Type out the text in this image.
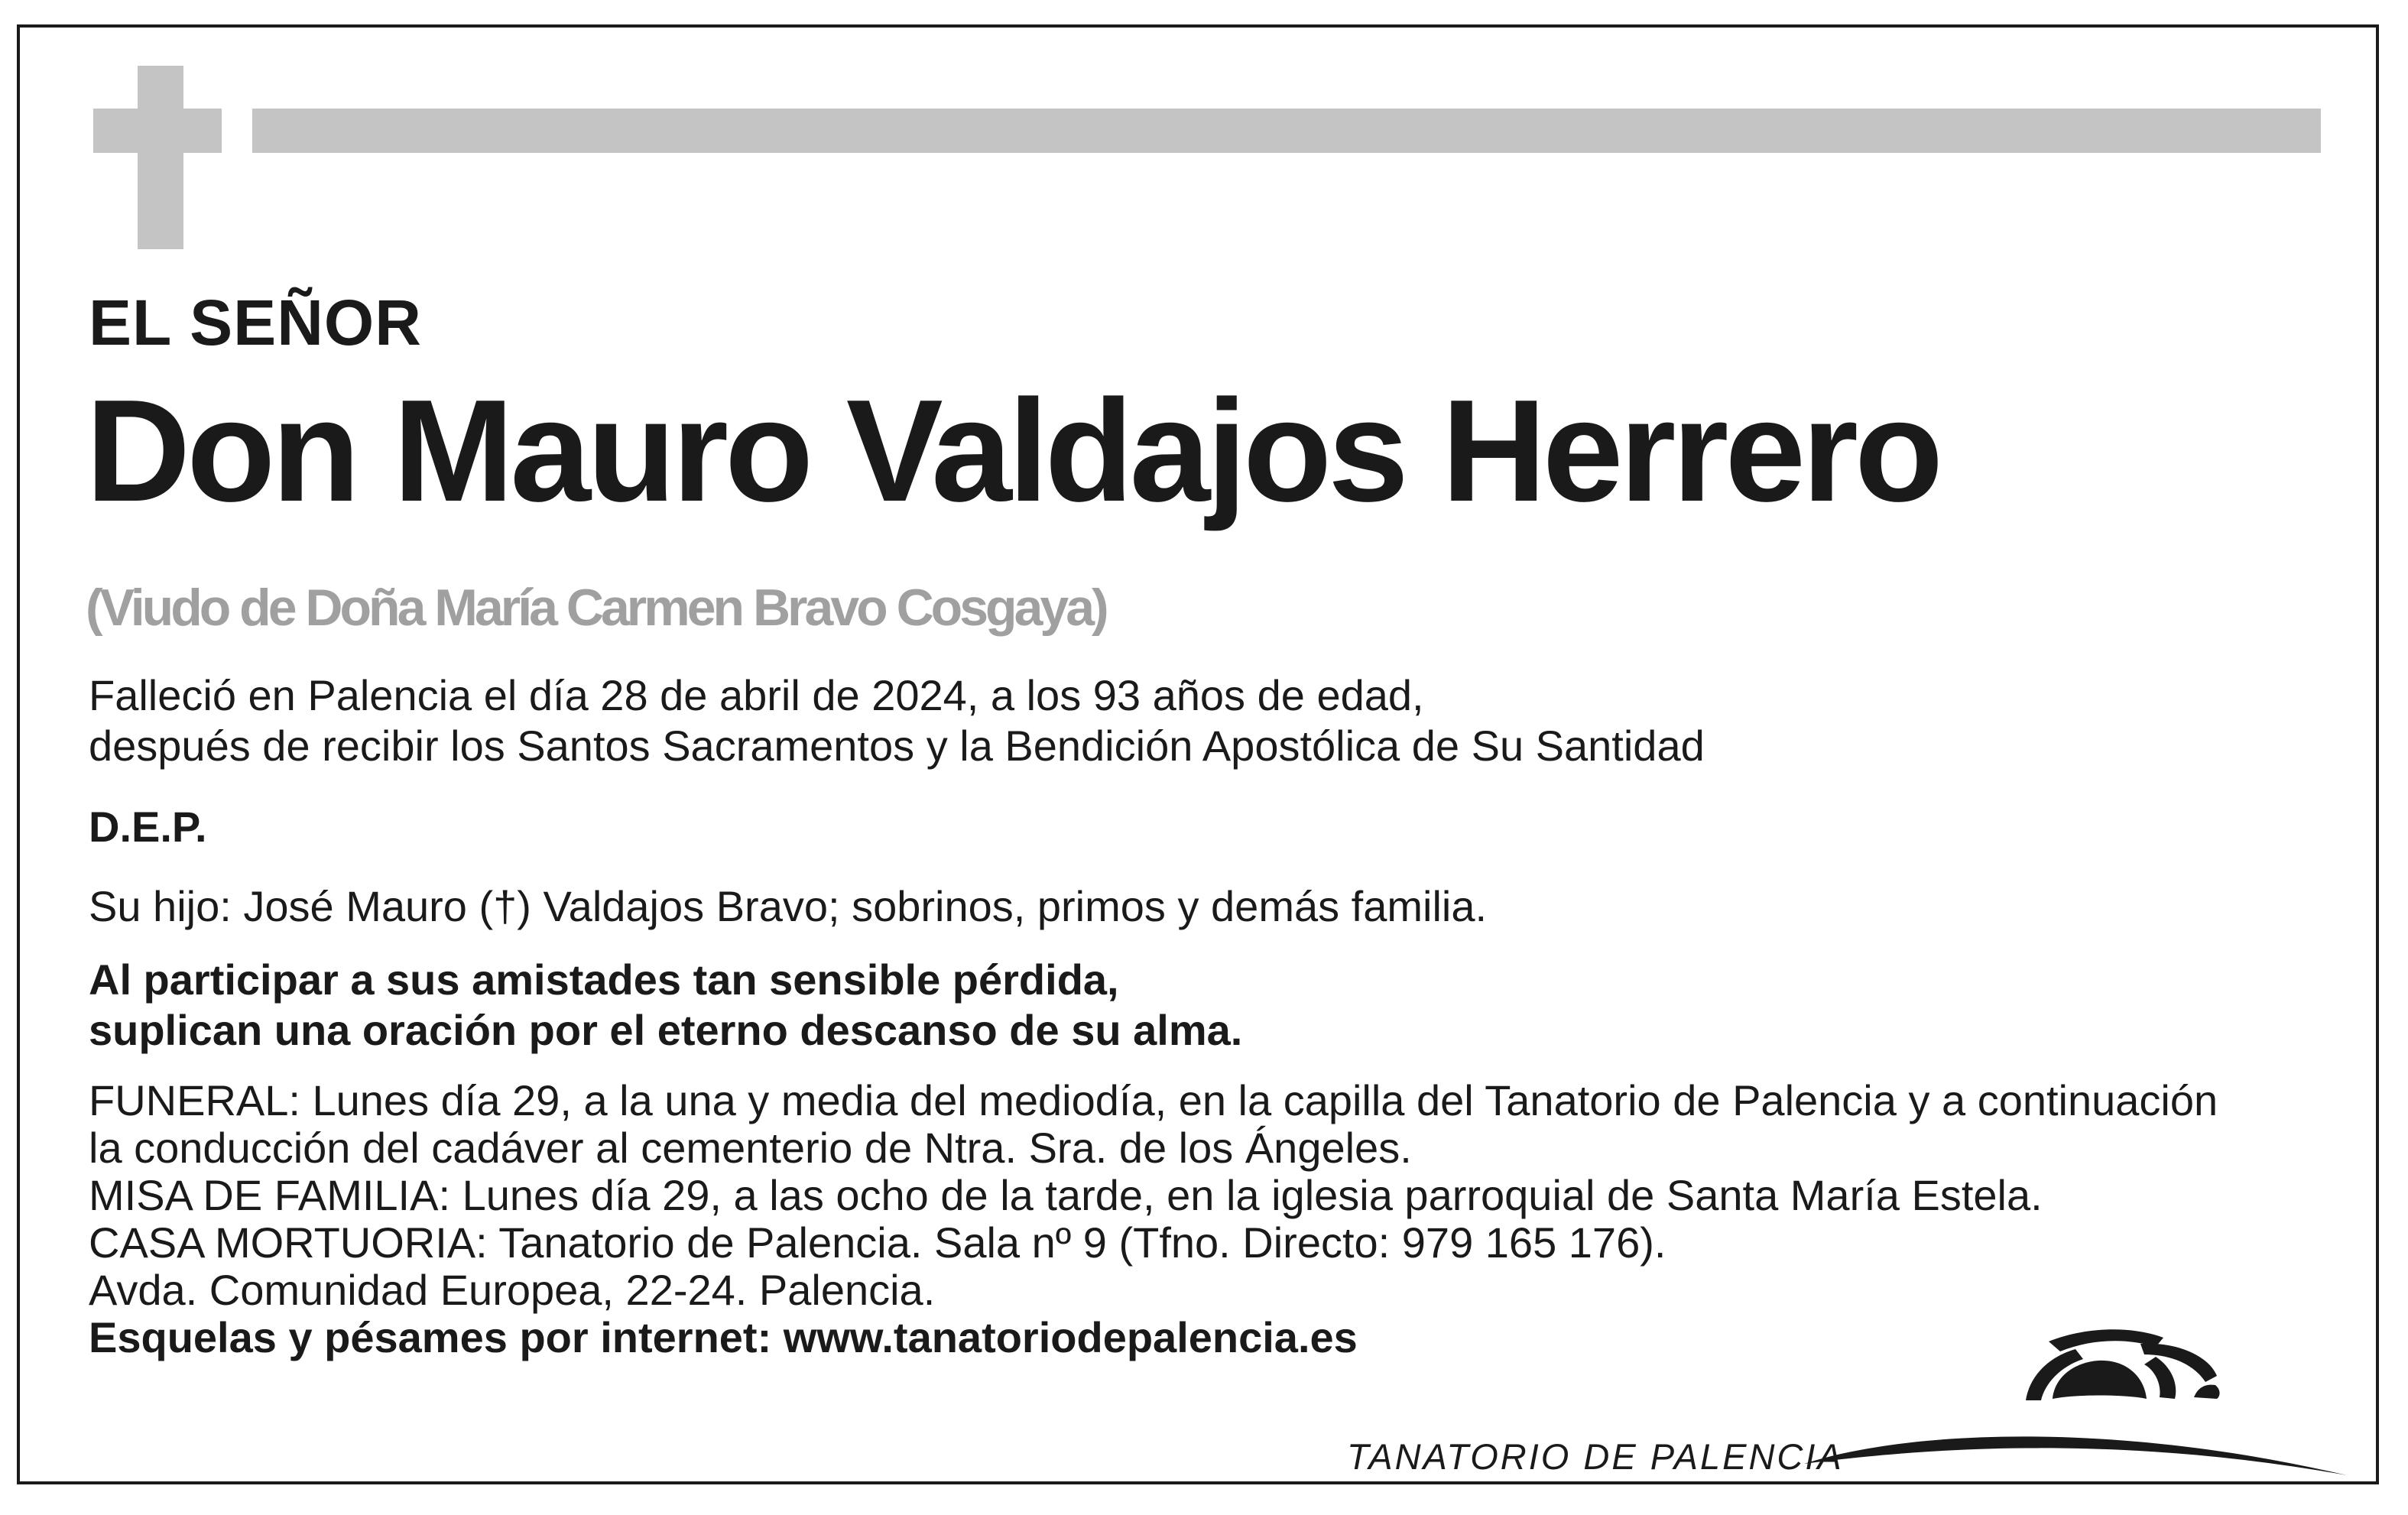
EL SEÑOR
Don Mauro Valdajos Herrero
(Viudo de Doña María Carmen Bravo Cosgaya)
Falleció en Palencia el día 28 de abril de 2024, a los 93 años de edad,
después de recibir los Santos Sacramentos y la Bendición Apostólica de Su Santidad
D.E.P.
Su hijo: José Mauro (†) Valdajos Bravo; sobrinos, primos y demás familia.
Al participar a sus amistades tan sensible pérdida,
suplican una oración por el eterno descanso de su alma.
FUNERAL: Lunes día 29, a la una y media del mediodía, en la capilla del Tanatorio de Palencia y a continuación
la conducción del cadáver al cementerio de Ntra. Sra. de los Ángeles.
MISA DE FAMILIA: Lunes día 29, a las ocho de la tarde, en la iglesia parroquial de Santa María Estela.
CASA MORTUORIA: Tanatorio de Palencia. Sala nº 9 (Tfno. Directo: 979 165 176).
Avda. Comunidad Europea, 22-24. Palencia.
Esquelas y pésames por internet: www.tanatoriodepalencia.es
TANATORIO DE PALENCIA
